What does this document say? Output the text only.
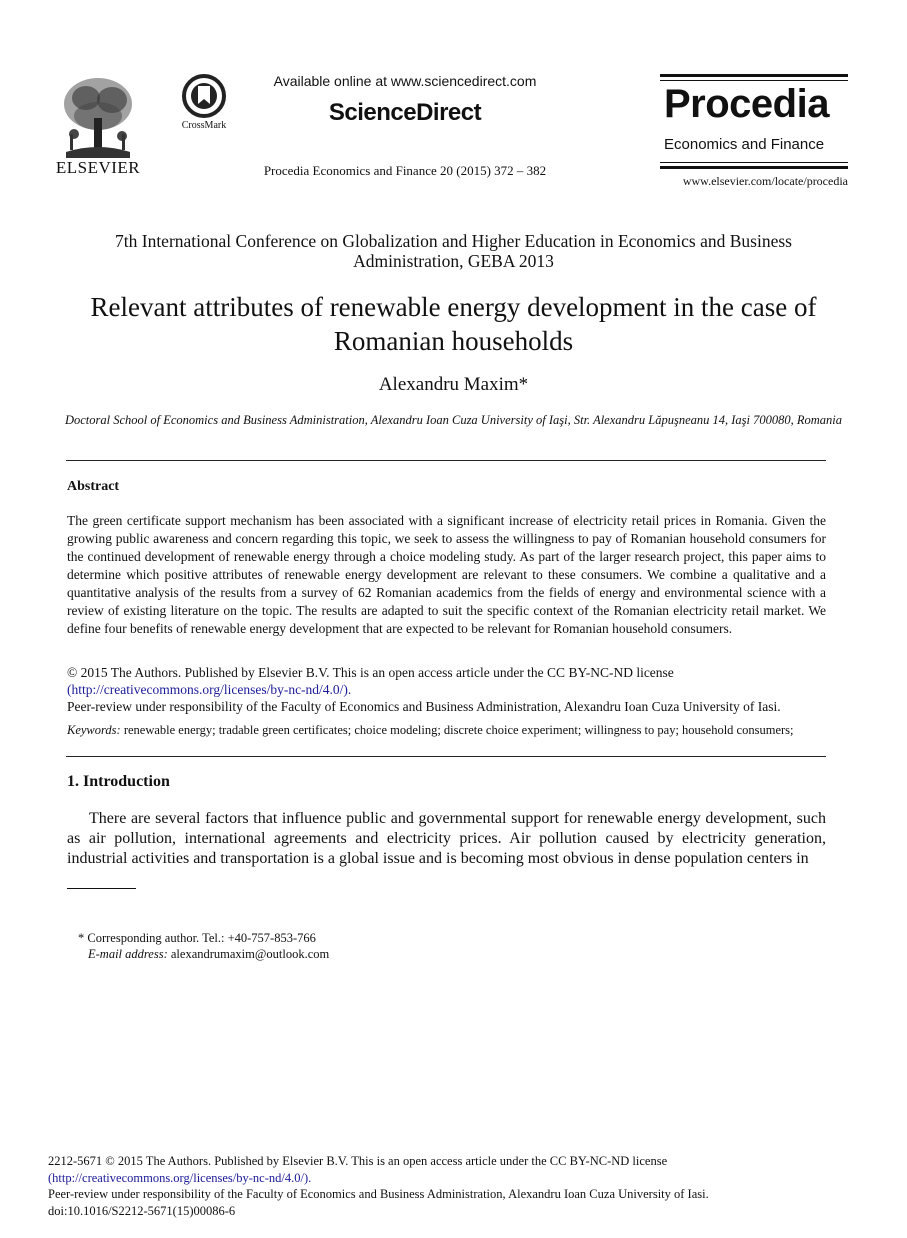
ELSEVIER
CrossMark
Available online at www.sciencedirect.com
ScienceDirect
Procedia Economics and Finance 20 (2015) 372 – 382
Procedia
Economics and Finance
www.elsevier.com/locate/procedia
7th International Conference on Globalization and Higher Education in Economics and Business Administration, GEBA 2013
Relevant attributes of renewable energy development in the case of Romanian households
Alexandru Maxim*
Doctoral School of Economics and Business Administration, Alexandru Ioan Cuza University of Iaşi, Str. Alexandru Lăpuşneanu 14, Iaşi 700080, Romania
Abstract
The green certificate support mechanism has been associated with a significant increase of electricity retail prices in Romania. Given the growing public awareness and concern regarding this topic, we seek to assess the willingness to pay of Romanian household consumers for the continued development of renewable energy through a choice modeling study. As part of the larger research project, this paper aims to determine which positive attributes of renewable energy development are relevant to these consumers. We combine a qualitative and a quantitative analysis of the results from a survey of 62 Romanian academics from the fields of energy and environmental science with a review of existing literature on the topic. The results are adapted to suit the specific context of the Romanian electricity retail market. We define four benefits of renewable energy development that are expected to be relevant for Romanian household consumers.
© 2015 The Authors. Published by Elsevier B.V. This is an open access article under the CC BY-NC-ND license
(http://creativecommons.org/licenses/by-nc-nd/4.0/).
Peer-review under responsibility of the Faculty of Economics and Business Administration, Alexandru Ioan Cuza University of Iasi.
Keywords: renewable energy; tradable green certificates; choice modeling; discrete choice experiment; willingness to pay; household consumers;
1. Introduction
There are several factors that influence public and governmental support for renewable energy development, such as air pollution, international agreements and electricity prices. Air pollution caused by electricity generation, industrial activities and transportation is a global issue and is becoming most obvious in dense population centers in
* Corresponding author. Tel.: +40-757-853-766
E-mail address: alexandrumaxim@outlook.com
2212-5671 © 2015 The Authors. Published by Elsevier B.V. This is an open access article under the CC BY-NC-ND license
(http://creativecommons.org/licenses/by-nc-nd/4.0/).
Peer-review under responsibility of the Faculty of Economics and Business Administration, Alexandru Ioan Cuza University of Iasi.
doi:10.1016/S2212-5671(15)00086-6
